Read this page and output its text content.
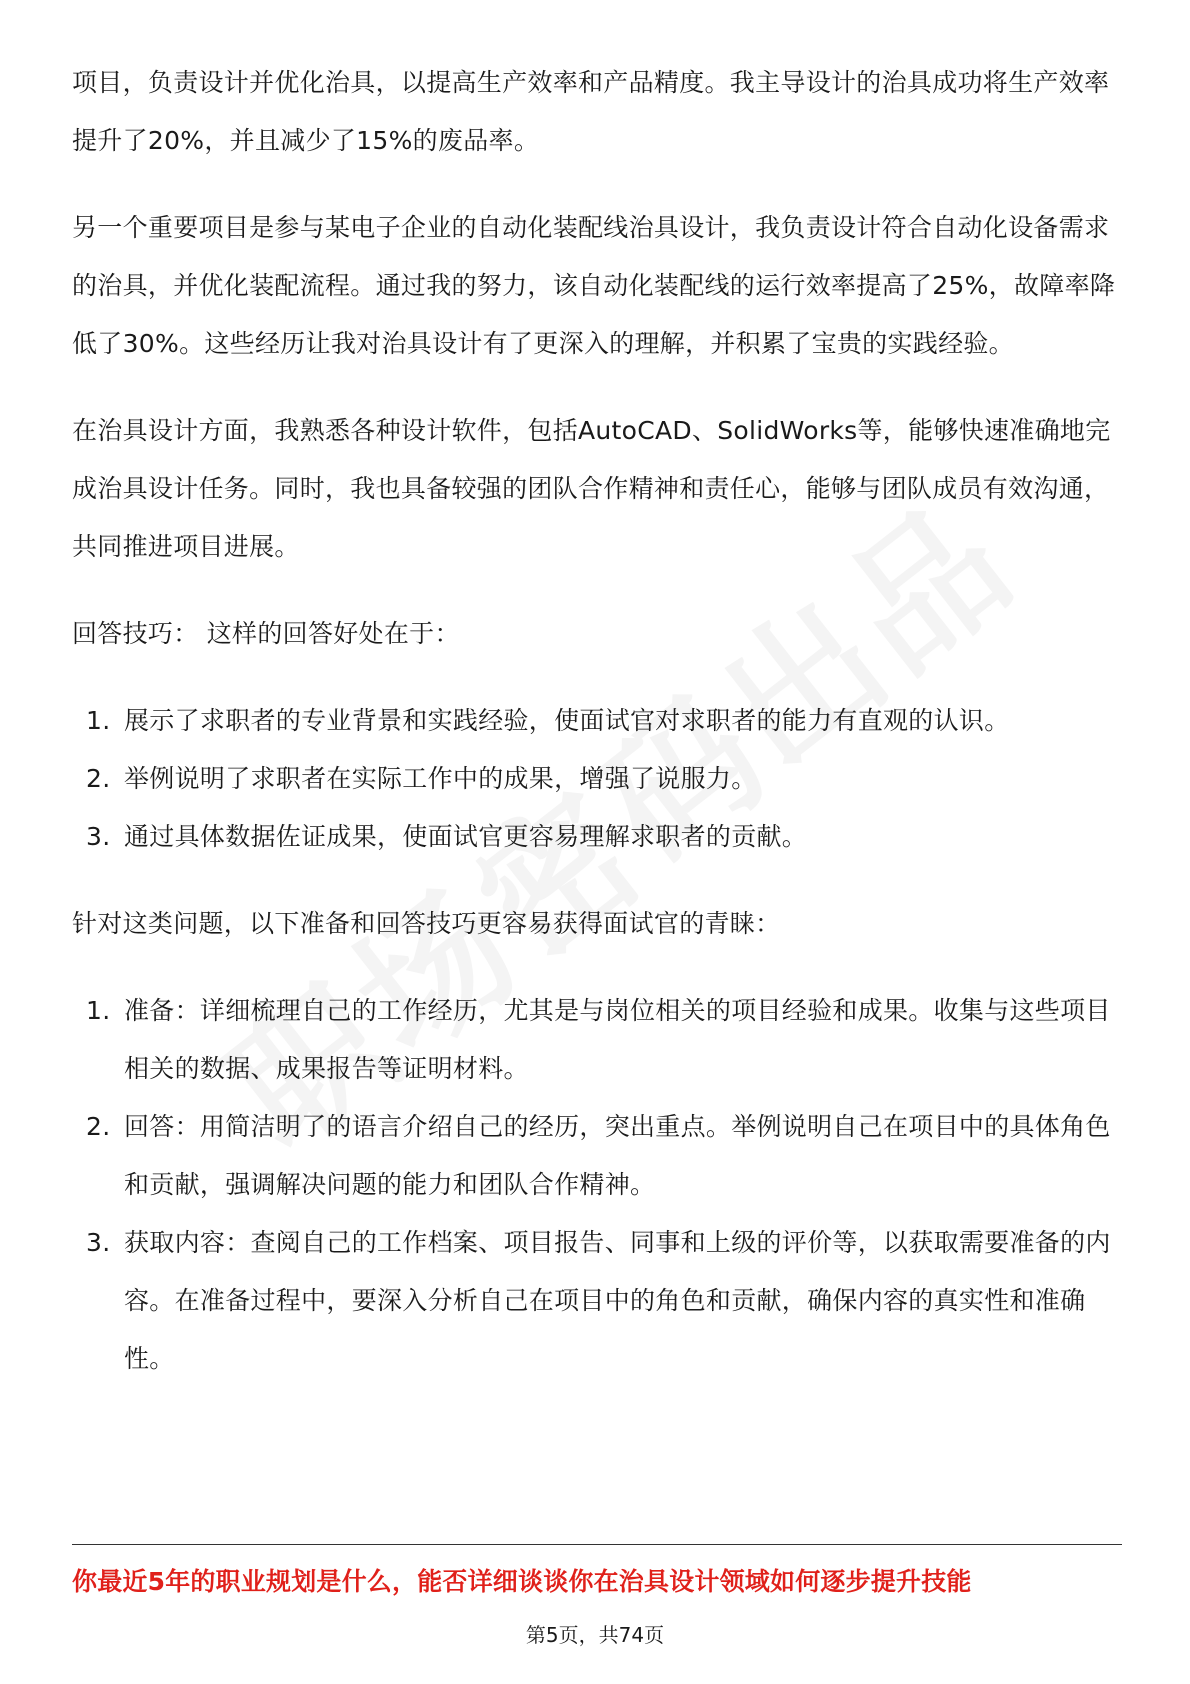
项目，负责设计并优化治具，以提高生产效率和产品精度。我主导设计的治具成功将生产效率提升了20%，并且减少了15%的废品率。

另一个重要项目是参与某电子企业的自动化装配线治具设计，我负责设计符合自动化设备需求的治具，并优化装配流程。通过我的努力，该自动化装配线的运行效率提高了25%，故障率降低了30%。这些经历让我对治具设计有了更深入的理解，并积累了宝贵的实践经验。

在治具设计方面，我熟悉各种设计软件，包括AutoCAD、SolidWorks等，能够快速准确地完成治具设计任务。同时，我也具备较强的团队合作精神和责任心，能够与团队成员有效沟通，共同推进项目进展。

回答技巧： 这样的回答好处在于：

1. 展示了求职者的专业背景和实践经验，使面试官对求职者的能力有直观的认识。
2. 举例说明了求职者在实际工作中的成果，增强了说服力。
3. 通过具体数据佐证成果，使面试官更容易理解求职者的贡献。

针对这类问题，以下准备和回答技巧更容易获得面试官的青睐：

1. 准备：详细梳理自己的工作经历，尤其是与岗位相关的项目经验和成果。收集与这些项目相关的数据、成果报告等证明材料。
2. 回答：用简洁明了的语言介绍自己的经历，突出重点。举例说明自己在项目中的具体角色和贡献，强调解决问题的能力和团队合作精神。
3. 获取内容：查阅自己的工作档案、项目报告、同事和上级的评价等，以获取需要准备的内容。在准备过程中，要深入分析自己在项目中的角色和贡献，确保内容的真实性和准确性。
你最近5年的职业规划是什么，能否详细谈谈你在治具设计领域如何逐步提升技能
第5页，共74页
